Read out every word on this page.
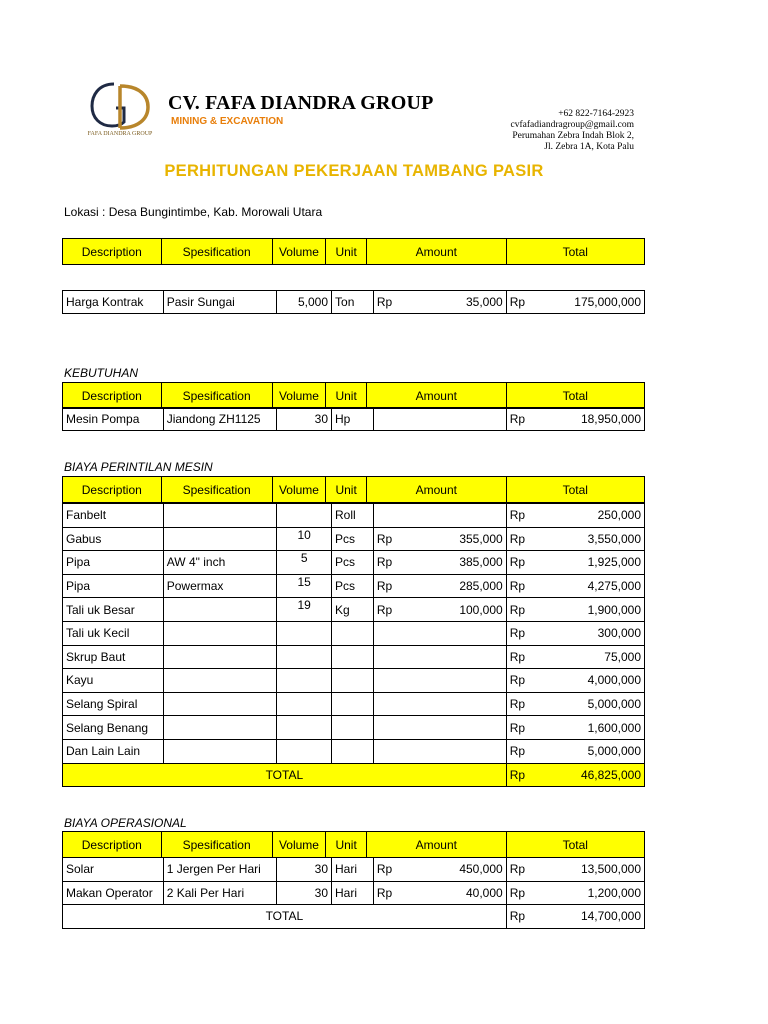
FAFA DIANDRA GROUP
CV. FAFA DIANDRA GROUP
MINING & EXCAVATION
+62 822-7164-2923
cvfafadiandragroup@gmail.com
Perumahan Zebra Indah Blok 2,
Jl. Zebra 1A, Kota Palu
PERHITUNGAN PEKERJAAN TAMBANG PASIR
Lokasi : Desa Bungintimbe, Kab. Morowali Utara
Description	Spesification	Volume	Unit	Amount	Total
Harga Kontrak	Pasir Sungai	5,000	Ton	Rp	35,000	Rp	175,000,000
KEBUTUHAN
Description	Spesification	Volume	Unit	Amount	Total
Mesin Pompa	Jiandong ZH1125	30	Hp			Rp	18,950,000
BIAYA PERINTILAN MESIN
Description	Spesification	Volume	Unit	Amount	Total
Fanbelt			Roll			Rp	250,000
Gabus		10	Pcs	Rp	355,000	Rp	3,550,000
Pipa	AW 4" inch	5	Pcs	Rp	385,000	Rp	1,925,000
Pipa	Powermax	15	Pcs	Rp	285,000	Rp	4,275,000
Tali uk Besar		19	Kg	Rp	100,000	Rp	1,900,000
Tali uk Kecil						Rp	300,000
Skrup Baut						Rp	75,000
Kayu						Rp	4,000,000
Selang Spiral						Rp	5,000,000
Selang Benang						Rp	1,600,000
Dan Lain Lain						Rp	5,000,000
TOTAL						Rp	46,825,000
BIAYA OPERASIONAL
Description	Spesification	Volume	Unit	Amount	Total
Solar	1 Jergen Per Hari	30	Hari	Rp	450,000	Rp	13,500,000
Makan Operator	2 Kali Per Hari	30	Hari	Rp	40,000	Rp	1,200,000
TOTAL						Rp	14,700,000
